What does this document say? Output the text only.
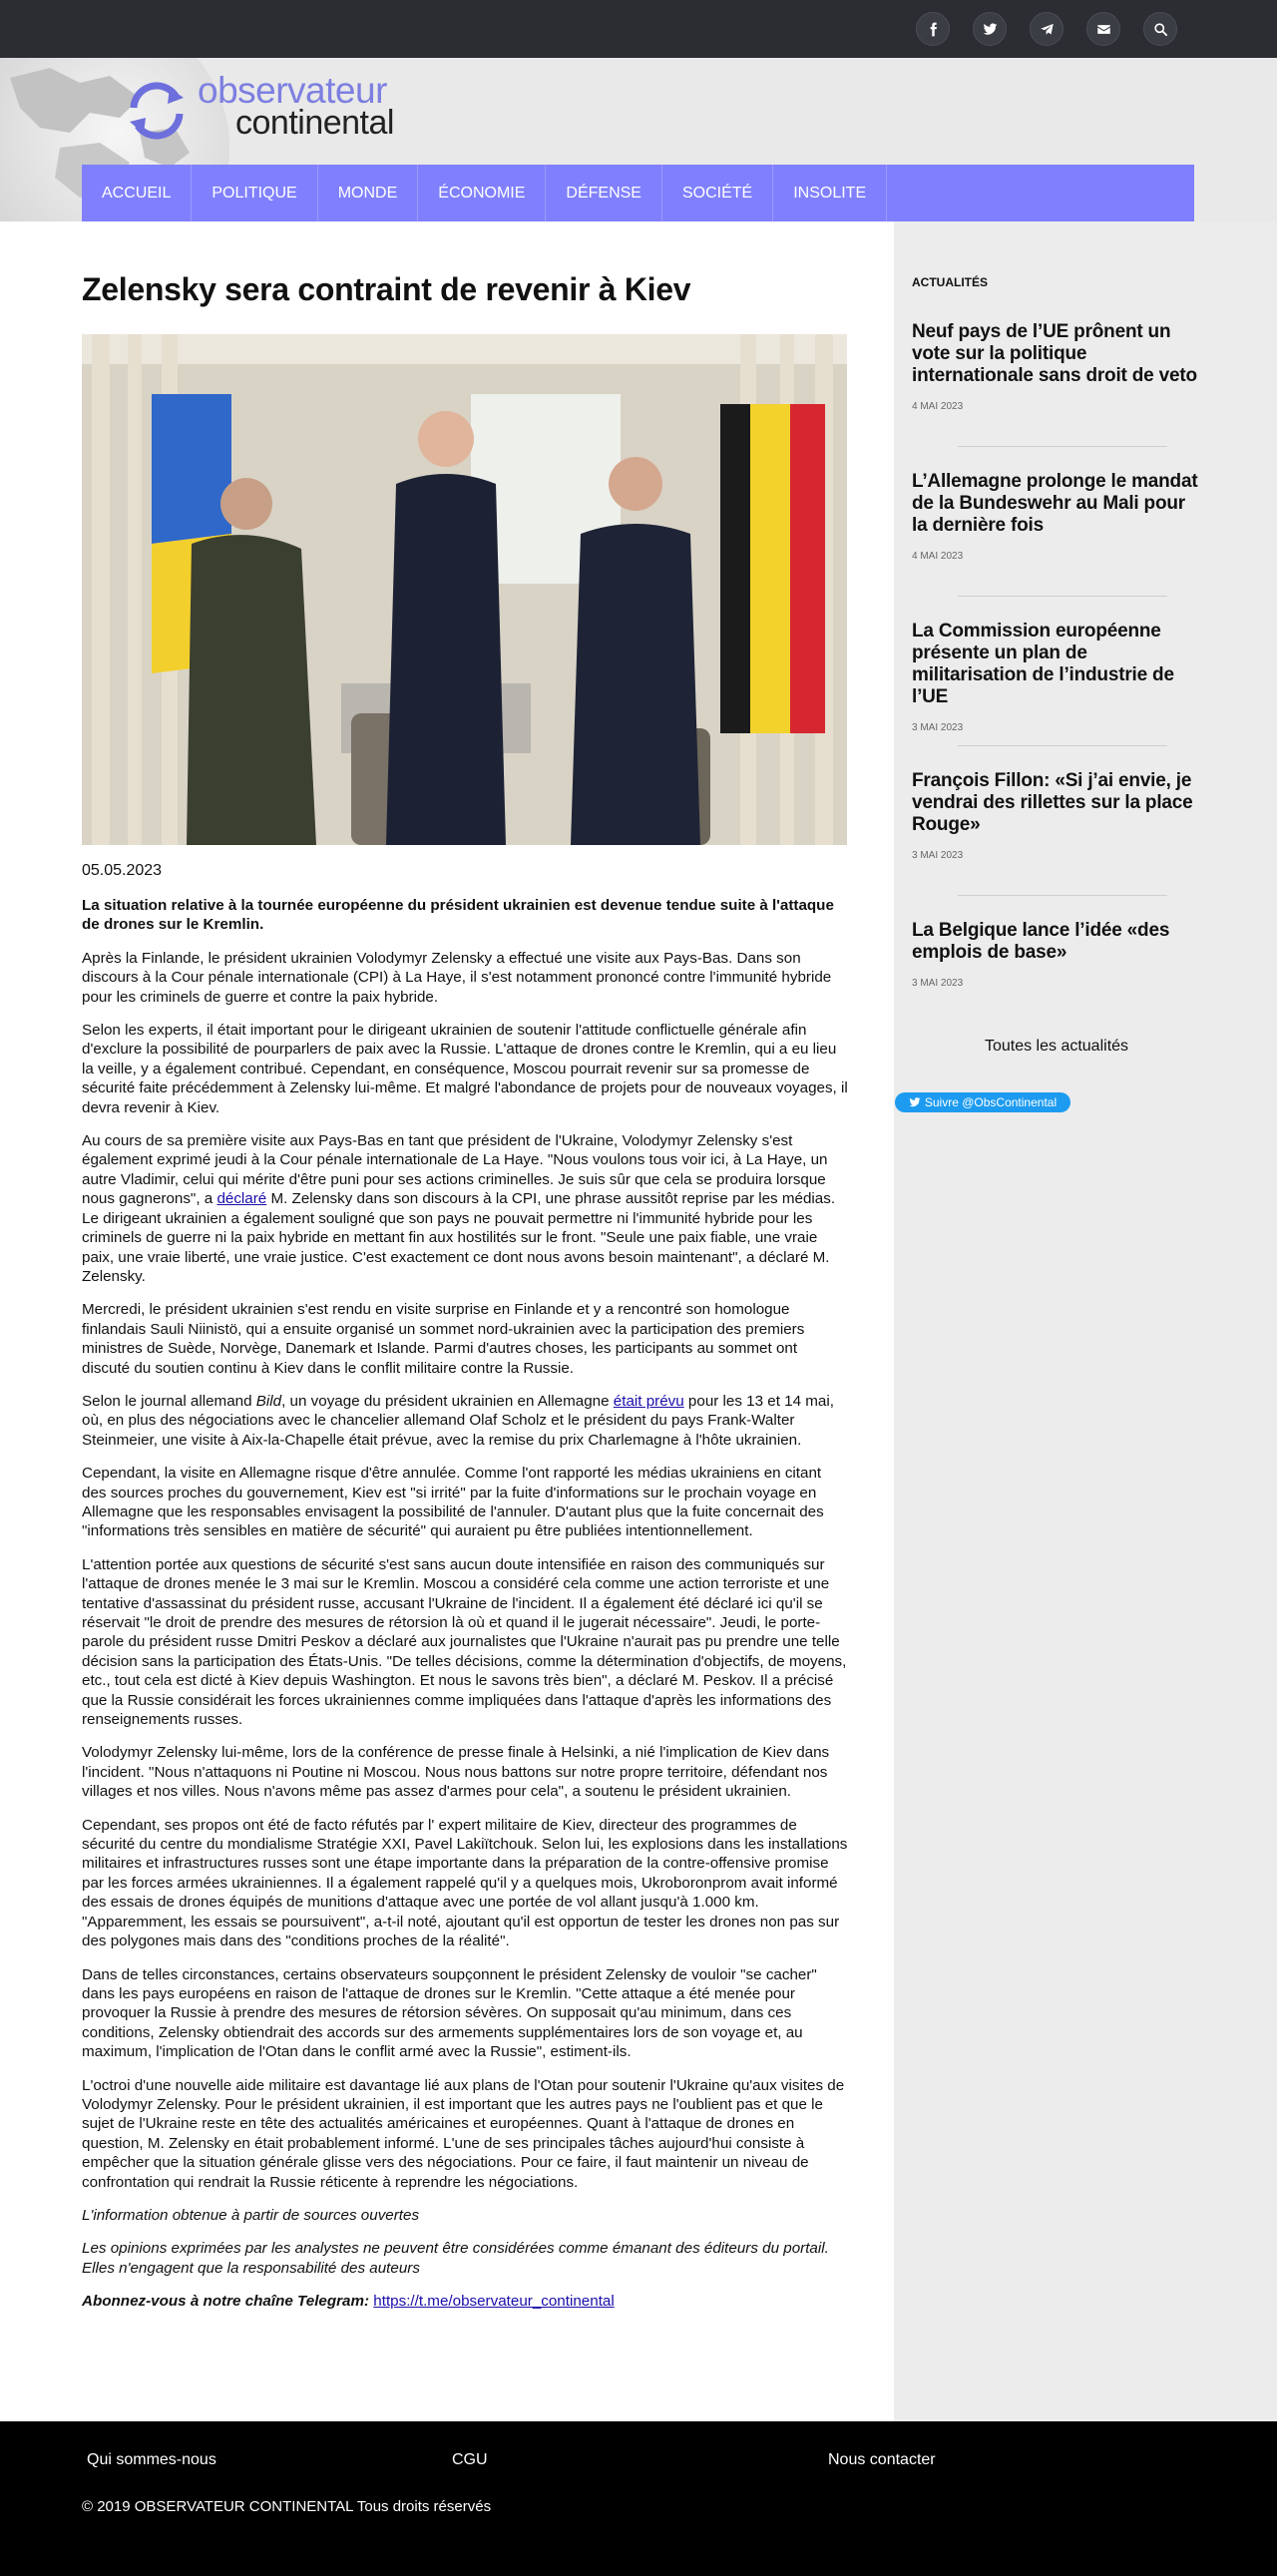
observateur
continental
ACCUEIL	POLITIQUE	MONDE	ÉCONOMIE	DÉFENSE	SOCIÉTÉ	INSOLITE
Zelensky sera contraint de revenir à Kiev
05.05.2023

La situation relative à la tournée européenne du président ukrainien est devenue tendue suite à l'attaque de drones sur le Kremlin.

Après la Finlande, le président ukrainien Volodymyr Zelensky a effectué une visite aux Pays-Bas. Dans son discours à la Cour pénale internationale (CPI) à La Haye, il s'est notamment prononcé contre l'immunité hybride pour les criminels de guerre et contre la paix hybride.

Selon les experts, il était important pour le dirigeant ukrainien de soutenir l'attitude conflictuelle générale afin d'exclure la possibilité de pourparlers de paix avec la Russie. L'attaque de drones contre le Kremlin, qui a eu lieu la veille, y a également contribué. Cependant, en conséquence, Moscou pourrait revenir sur sa promesse de sécurité faite précédemment à Zelensky lui-même. Et malgré l'abondance de projets pour de nouveaux voyages, il devra revenir à Kiev.

Au cours de sa première visite aux Pays-Bas en tant que président de l'Ukraine, Volodymyr Zelensky s'est également exprimé jeudi à la Cour pénale internationale de La Haye. "Nous voulons tous voir ici, à La Haye, un autre Vladimir, celui qui mérite d'être puni pour ses actions criminelles. Je suis sûr que cela se produira lorsque nous gagnerons", a déclaré M. Zelensky dans son discours à la CPI, une phrase aussitôt reprise par les médias. Le dirigeant ukrainien a également souligné que son pays ne pouvait permettre ni l'immunité hybride pour les criminels de guerre ni la paix hybride en mettant fin aux hostilités sur le front. "Seule une paix fiable, une vraie paix, une vraie liberté, une vraie justice. C'est exactement ce dont nous avons besoin maintenant", a déclaré M. Zelensky.

Mercredi, le président ukrainien s'est rendu en visite surprise en Finlande et y a rencontré son homologue finlandais Sauli Niinistö, qui a ensuite organisé un sommet nord-ukrainien avec la participation des premiers ministres de Suède, Norvège, Danemark et Islande. Parmi d'autres choses, les participants au sommet ont discuté du soutien continu à Kiev dans le conflit militaire contre la Russie.

Selon le journal allemand Bild, un voyage du président ukrainien en Allemagne était prévu pour les 13 et 14 mai, où, en plus des négociations avec le chancelier allemand Olaf Scholz et le président du pays Frank-Walter Steinmeier, une visite à Aix-la-Chapelle était prévue, avec la remise du prix Charlemagne à l'hôte ukrainien.

Cependant, la visite en Allemagne risque d'être annulée. Comme l'ont rapporté les médias ukrainiens en citant des sources proches du gouvernement, Kiev est "si irrité" par la fuite d'informations sur le prochain voyage en Allemagne que les responsables envisagent la possibilité de l'annuler. D'autant plus que la fuite concernait des "informations très sensibles en matière de sécurité" qui auraient pu être publiées intentionnellement.

L'attention portée aux questions de sécurité s'est sans aucun doute intensifiée en raison des communiqués sur l'attaque de drones menée le 3 mai sur le Kremlin. Moscou a considéré cela comme une action terroriste et une tentative d'assassinat du président russe, accusant l'Ukraine de l'incident. Il a également été déclaré ici qu'il se réservait "le droit de prendre des mesures de rétorsion là où et quand il le jugerait nécessaire". Jeudi, le porte-parole du président russe Dmitri Peskov a déclaré aux journalistes que l'Ukraine n'aurait pas pu prendre une telle décision sans la participation des États-Unis. "De telles décisions, comme la détermination d'objectifs, de moyens, etc., tout cela est dicté à Kiev depuis Washington. Et nous le savons très bien", a déclaré M. Peskov. Il a précisé que la Russie considérait les forces ukrainiennes comme impliquées dans l'attaque d'après les informations des renseignements russes.

Volodymyr Zelensky lui-même, lors de la conférence de presse finale à Helsinki, a nié l'implication de Kiev dans l'incident. "Nous n'attaquons ni Poutine ni Moscou. Nous nous battons sur notre propre territoire, défendant nos villages et nos villes. Nous n'avons même pas assez d'armes pour cela", a soutenu le président ukrainien.

Cependant, ses propos ont été de facto réfutés par l' expert militaire de Kiev, directeur des programmes de sécurité du centre du mondialisme Stratégie XXI, Pavel Lakiïtchouk. Selon lui, les explosions dans les installations militaires et infrastructures russes sont une étape importante dans la préparation de la contre-offensive promise par les forces armées ukrainiennes. Il a également rappelé qu'il y a quelques mois, Ukroboronprom avait informé des essais de drones équipés de munitions d'attaque avec une portée de vol allant jusqu'à 1.000 km. "Apparemment, les essais se poursuivent", a-t-il noté, ajoutant qu'il est opportun de tester les drones non pas sur des polygones mais dans des "conditions proches de la réalité".

Dans de telles circonstances, certains observateurs soupçonnent le président Zelensky de vouloir "se cacher" dans les pays européens en raison de l'attaque de drones sur le Kremlin. "Cette attaque a été menée pour provoquer la Russie à prendre des mesures de rétorsion sévères. On supposait qu'au minimum, dans ces conditions, Zelensky obtiendrait des accords sur des armements supplémentaires lors de son voyage et, au maximum, l'implication de l'Otan dans le conflit armé avec la Russie", estiment-ils.

L'octroi d'une nouvelle aide militaire est davantage lié aux plans de l'Otan pour soutenir l'Ukraine qu'aux visites de Volodymyr Zelensky. Pour le président ukrainien, il est important que les autres pays ne l'oublient pas et que le sujet de l'Ukraine reste en tête des actualités américaines et européennes. Quant à l'attaque de drones en question, M. Zelensky en était probablement informé. L'une de ses principales tâches aujourd'hui consiste à empêcher que la situation générale glisse vers des négociations. Pour ce faire, il faut maintenir un niveau de confrontation qui rendrait la Russie réticente à reprendre les négociations.

L'information obtenue à partir de sources ouvertes

Les opinions exprimées par les analystes ne peuvent être considérées comme émanant des éditeurs du portail. Elles n'engagent que la responsabilité des auteurs

Abonnez-vous à notre chaîne Telegram: https://t.me/observateur_continental

ACTUALITÉS
Neuf pays de l’UE prônent un vote sur la politique internationale sans droit de veto
4 MAI 2023
L’Allemagne prolonge le mandat de la Bundeswehr au Mali pour la dernière fois
4 MAI 2023
La Commission européenne présente un plan de militarisation de l’industrie de l’UE
3 MAI 2023
François Fillon: «Si j’ai envie, je vendrai des rillettes sur la place Rouge»
3 MAI 2023
La Belgique lance l’idée «des emplois de base»
3 MAI 2023
Toutes les actualités
Suivre @ObsContinental
Qui sommes-nous	CGU	Nous contacter
© 2019 OBSERVATEUR CONTINENTAL Tous droits réservés
